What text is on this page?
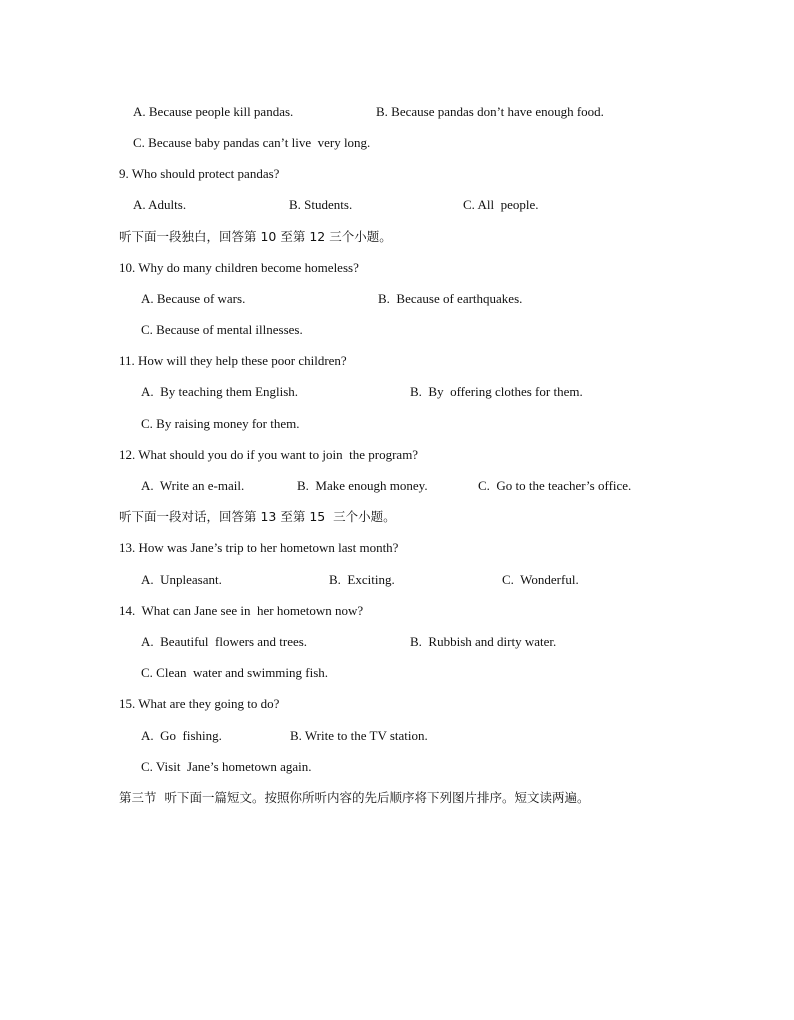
A. Because people kill pandas.	B. Because pandas don’t have enough food.
C. Because baby pandas can’t live  very long.
9. Who should protect pandas?
A. Adults.	B. Students.	C. All  people.
听下面一段独白，回答第 10 至第 12 三个小题。
10. Why do many children become homeless?
A. Because of wars.	B.  Because of earthquakes.
C. Because of mental illnesses.
11. How will they help these poor children?
A.  By teaching them English.	B.  By  offering clothes for them.
C. By raising money for them.
12. What should you do if you want to join  the program?
A.  Write an e-mail.	B.  Make enough money.	C.  Go to the teacher’s office.
听下面一段对话，回答第 13 至第 15  三个小题。
13. How was Jane’s trip to her hometown last month?
A.  Unpleasant.	B.  Exciting.	C.  Wonderful.
14.  What can Jane see in  her hometown now?
A.  Beautiful  flowers and trees.	B.  Rubbish and dirty water.
C. Clean  water and swimming fish.
15. What are they going to do?
A.  Go  fishing.	B. Write to the TV station.
C. Visit  Jane’s hometown again.
第三节  听下面一篇短文。按照你所听内容的先后顺序将下列图片排序。短文读两遍。
